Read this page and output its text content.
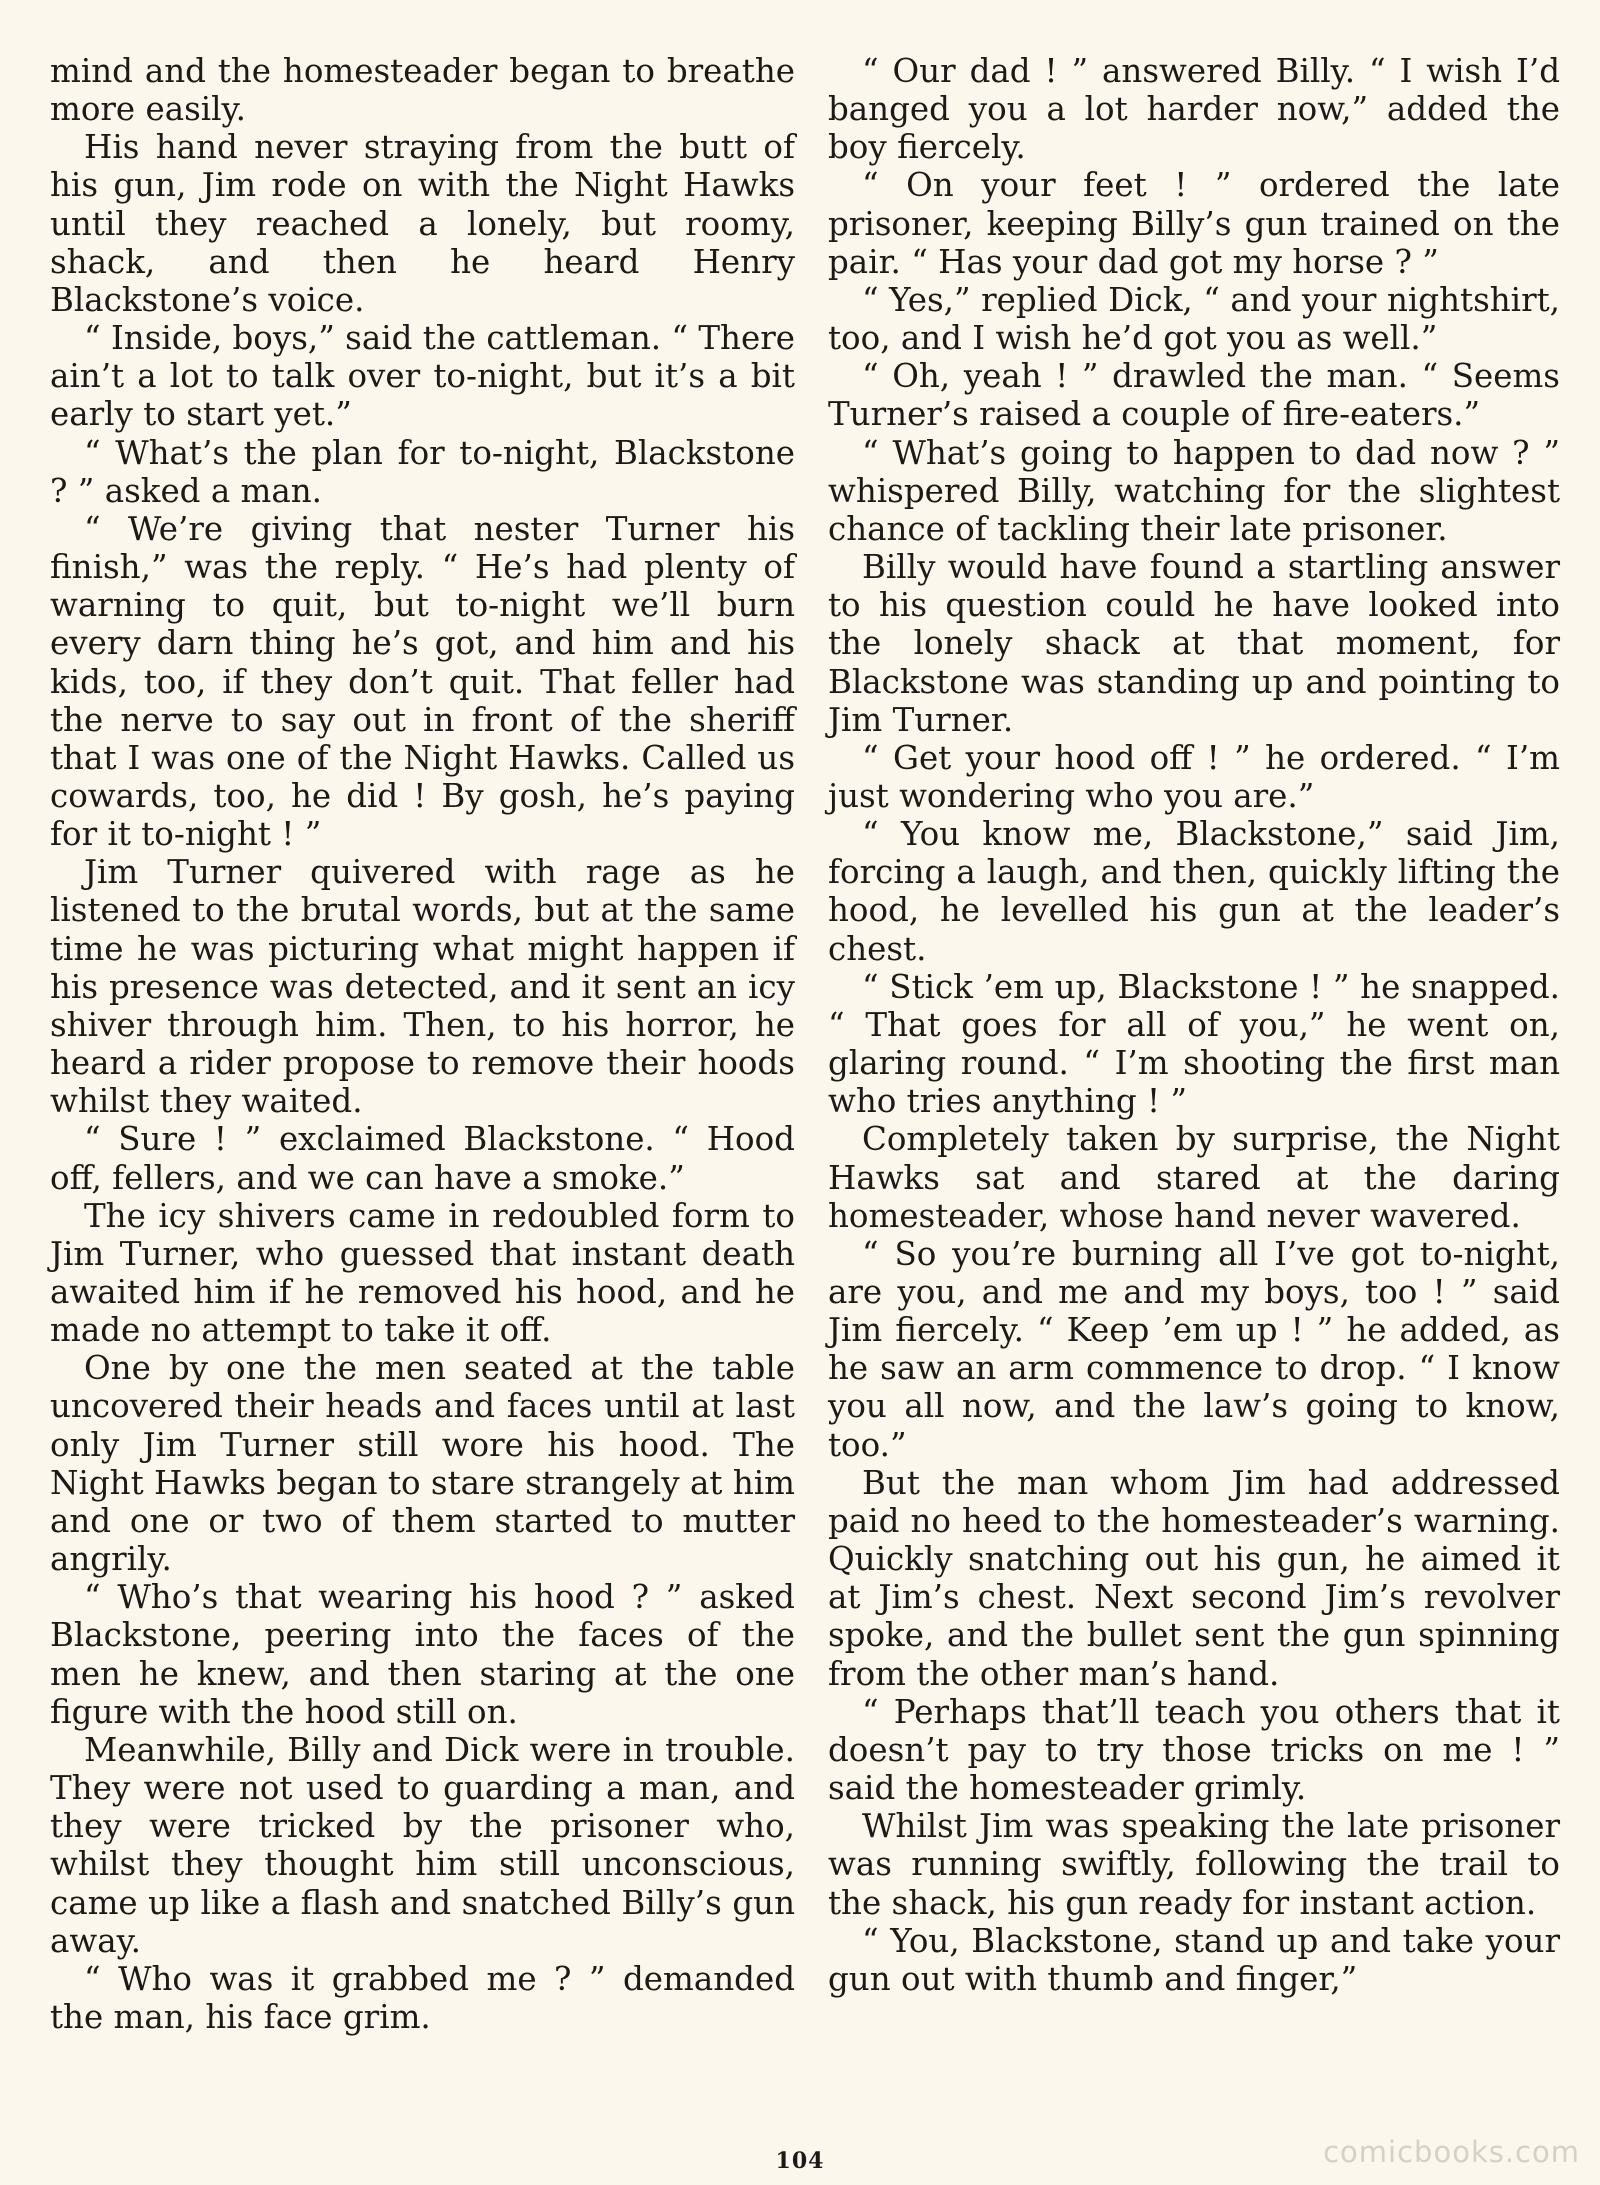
mind and the homesteader began to breathe more easily.

His hand never straying from the butt of his gun, Jim rode on with the Night Hawks until they reached a lonely, but roomy, shack, and then he heard Henry Blackstone’s voice.

“ Inside, boys,” said the cattleman. “ There ain’t a lot to talk over to-night, but it’s a bit early to start yet.”

“ What’s the plan for to-night, Blackstone ? ” asked a man.

“ We’re giving that nester Turner his finish,” was the reply. “ He’s had plenty of warning to quit, but to-night we’ll burn every darn thing he’s got, and him and his kids, too, if they don’t quit. That feller had the nerve to say out in front of the sheriff that I was one of the Night Hawks. Called us cowards, too, he did ! By gosh, he’s paying for it to-night ! ”

Jim Turner quivered with rage as he listened to the brutal words, but at the same time he was picturing what might happen if his presence was detected, and it sent an icy shiver through him. Then, to his horror, he heard a rider propose to remove their hoods whilst they waited.

“ Sure ! ” exclaimed Blackstone. “ Hood off, fellers, and we can have a smoke.”

The icy shivers came in redoubled form to Jim Turner, who guessed that instant death awaited him if he removed his hood, and he made no attempt to take it off.

One by one the men seated at the table uncovered their heads and faces until at last only Jim Turner still wore his hood. The Night Hawks began to stare strangely at him and one or two of them started to mutter angrily.

“ Who’s that wearing his hood ? ” asked Blackstone, peering into the faces of the men he knew, and then staring at the one figure with the hood still on.

Meanwhile, Billy and Dick were in trouble. They were not used to guarding a man, and they were tricked by the prisoner who, whilst they thought him still unconscious, came up like a flash and snatched Billy’s gun away.

“ Who was it grabbed me ? ” demanded the man, his face grim.

“ Our dad ! ” answered Billy. “ I wish I’d banged you a lot harder now,” added the boy fiercely.

“ On your feet ! ” ordered the late prisoner, keeping Billy’s gun trained on the pair. “ Has your dad got my horse ? ”

“ Yes,” replied Dick, “ and your nightshirt, too, and I wish he’d got you as well.”

“ Oh, yeah ! ” drawled the man. “ Seems Turner’s raised a couple of fire-eaters.”

“ What’s going to happen to dad now ? ” whispered Billy, watching for the slightest chance of tackling their late prisoner.

Billy would have found a startling answer to his question could he have looked into the lonely shack at that moment, for Blackstone was standing up and pointing to Jim Turner.

“ Get your hood off ! ” he ordered. “ I’m just wondering who you are.”

“ You know me, Blackstone,” said Jim, forcing a laugh, and then, quickly lifting the hood, he levelled his gun at the leader’s chest.

“ Stick ’em up, Blackstone ! ” he snapped. “ That goes for all of you,” he went on, glaring round. “ I’m shooting the first man who tries anything ! ”

Completely taken by surprise, the Night Hawks sat and stared at the daring homesteader, whose hand never wavered.

“ So you’re burning all I’ve got to-night, are you, and me and my boys, too ! ” said Jim fiercely. “ Keep ’em up ! ” he added, as he saw an arm commence to drop. “ I know you all now, and the law’s going to know, too.”

But the man whom Jim had addressed paid no heed to the homesteader’s warning. Quickly snatching out his gun, he aimed it at Jim’s chest. Next second Jim’s revolver spoke, and the bullet sent the gun spinning from the other man’s hand.

“ Perhaps that’ll teach you others that it doesn’t pay to try those tricks on me ! ” said the homesteader grimly.

Whilst Jim was speaking the late prisoner was running swiftly, following the trail to the shack, his gun ready for instant action.

“ You, Blackstone, stand up and take your gun out with thumb and finger,”

104	comicbooks.com
